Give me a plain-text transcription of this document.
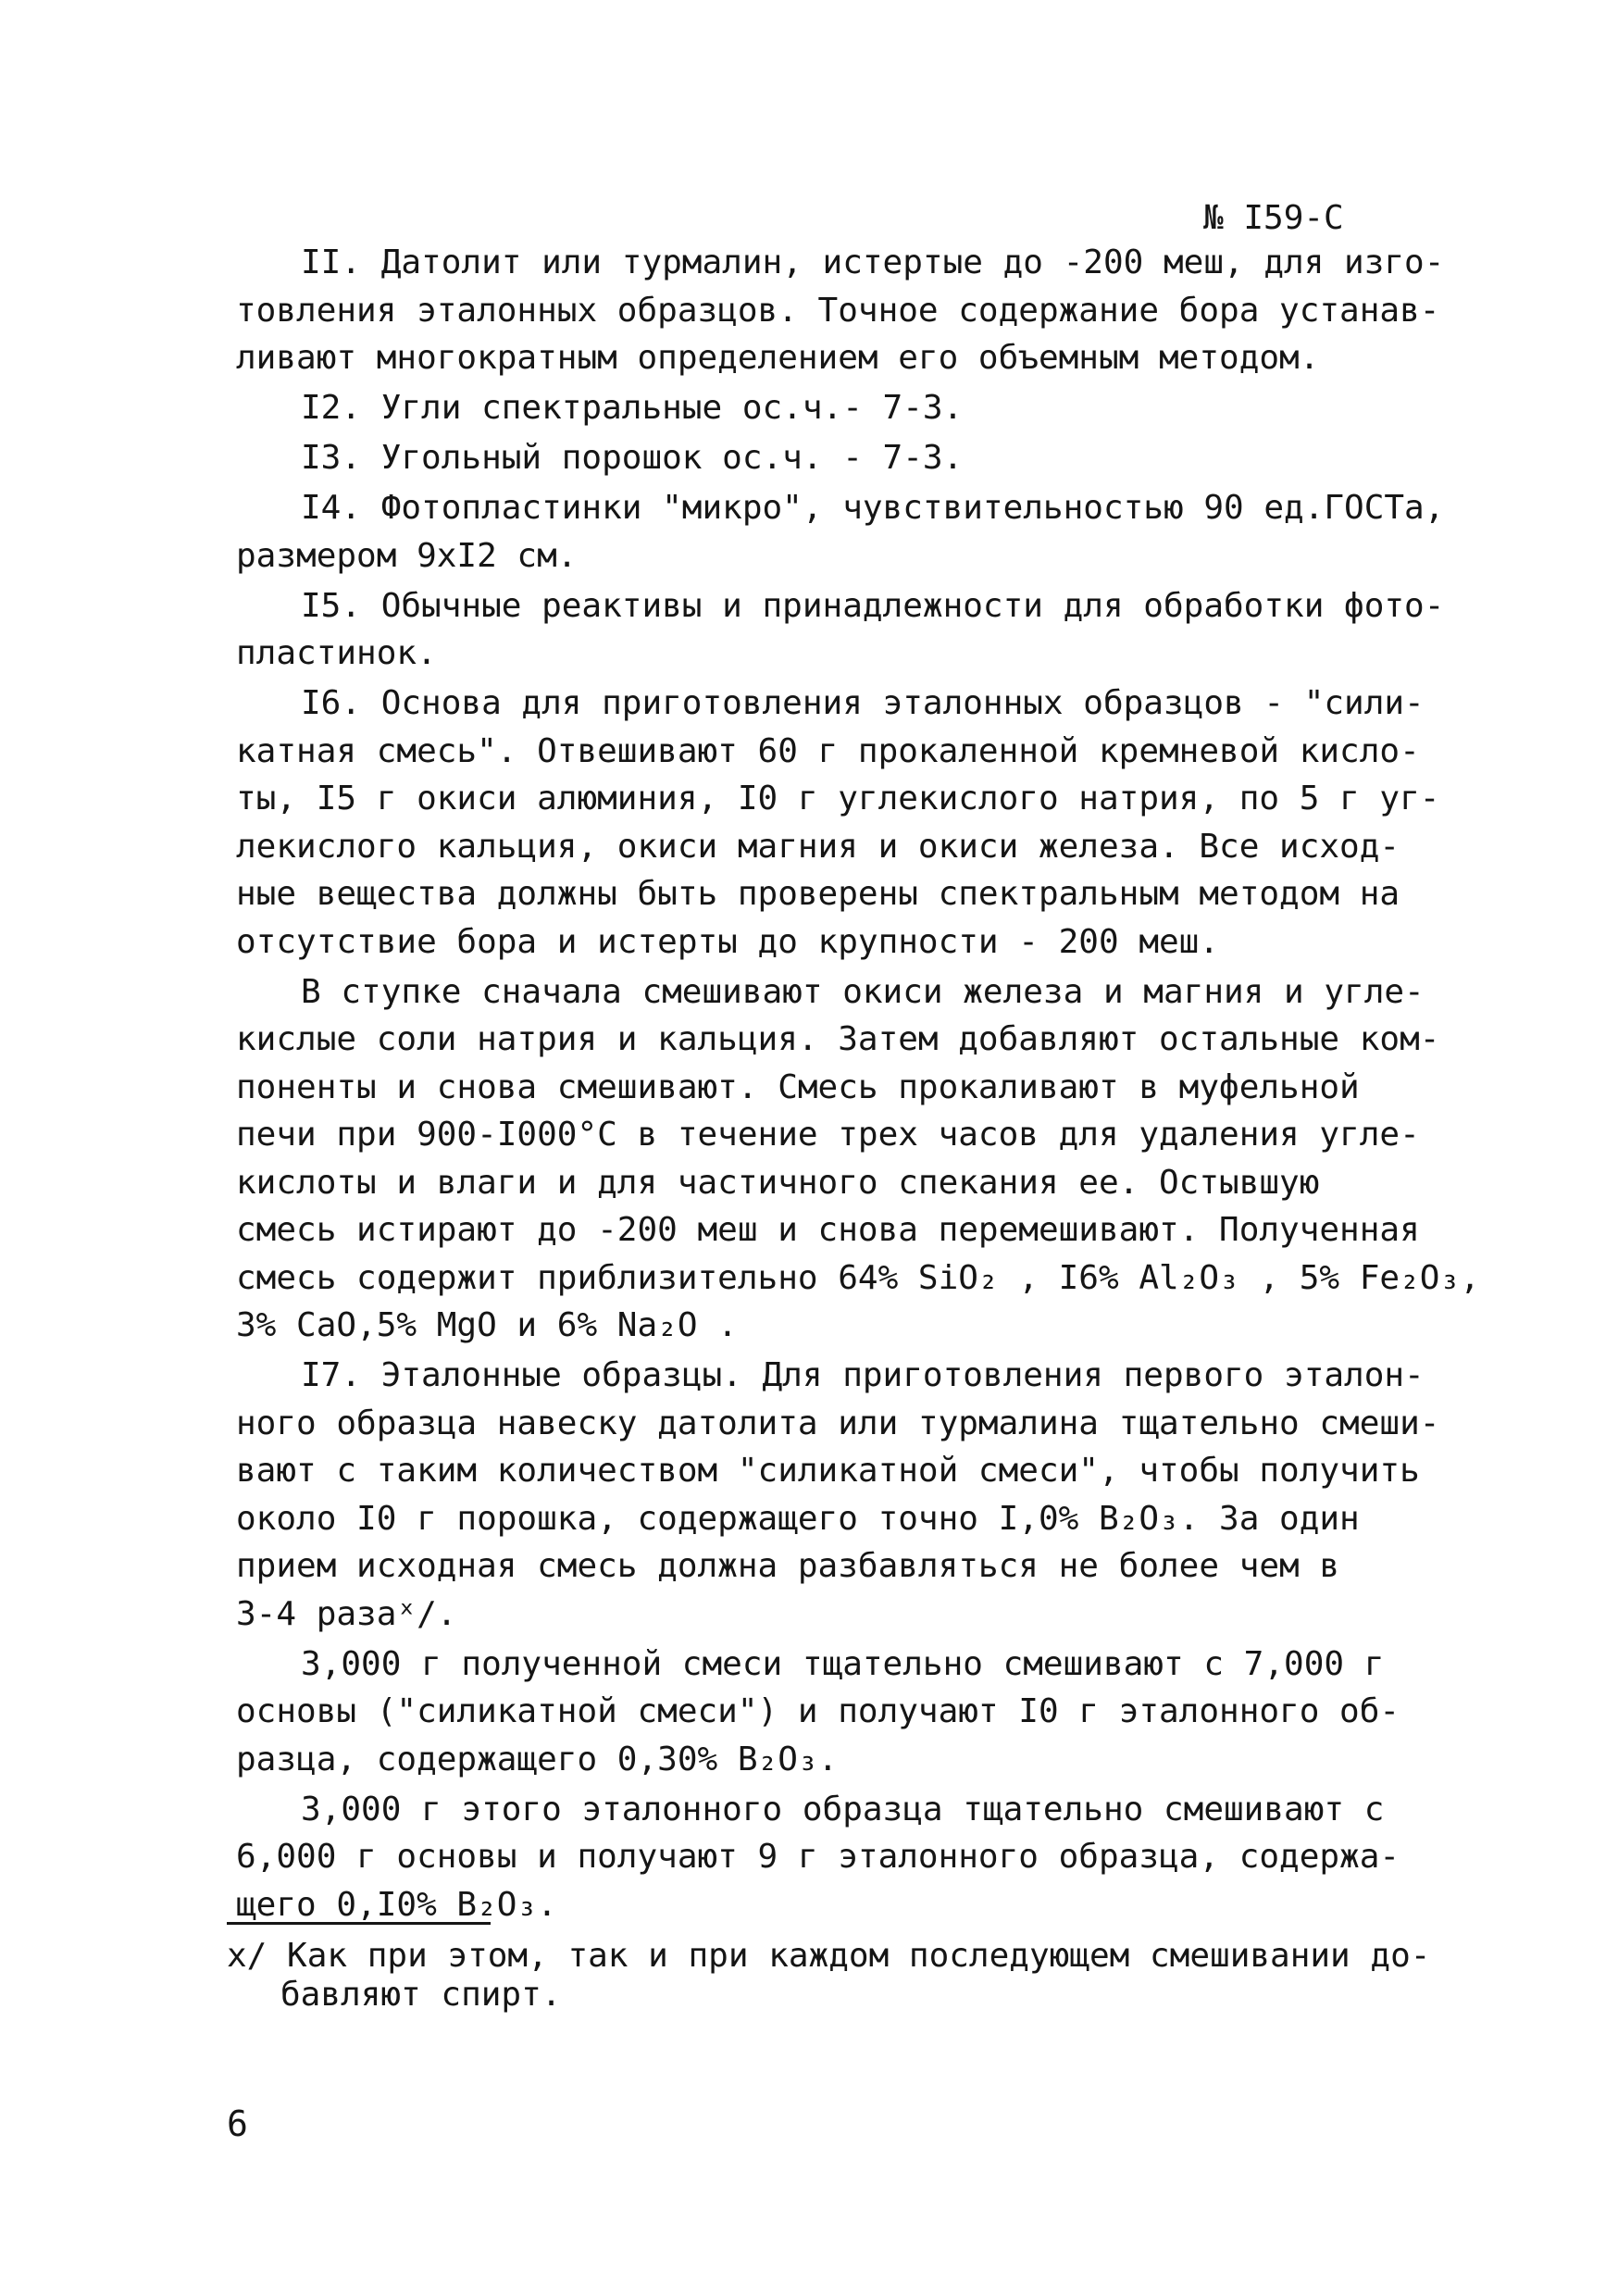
№ I59-С

II. Датолит или турмалин, истертые до -200 меш, для изго-
товления эталонных образцов. Точное содержание бора устанав-
ливают многократным определением его объемным методом.

I2. Угли спектральные ос.ч.- 7-3.

I3. Угольный порошок ос.ч. - 7-3.

I4. Фотопластинки "микро", чувствительностью 90 ед.ГОСТа,
размером 9хI2 см.

I5. Обычные реактивы и принадлежности для обработки фото-
пластинок.

I6. Основа для приготовления эталонных образцов - "сили-
катная смесь". Отвешивают 60 г прокаленной кремневой кисло-
ты, I5 г окиси алюминия, I0 г углекислого натрия, по 5 г уг-
лекислого кальция, окиси магния и окиси железа. Все исход-
ные вещества должны быть проверены спектральным методом на
отсутствие бора и истерты до крупности - 200 меш.

В ступке сначала смешивают окиси железа и магния и угле-
кислые соли натрия и кальция. Затем добавляют остальные ком-
поненты и снова смешивают. Смесь прокаливают в муфельной
печи при 900-I000°С в течение трех часов для удаления угле-
кислоты и влаги и для частичного спекания ее. Остывшую
смесь истирают до -200 меш и снова перемешивают. Полученная
смесь содержит приблизительно 64% SiO₂ , I6% Al₂O₃ , 5% Fe₂O₃,
3% CaO,5% MgO и 6% Na₂O .

I7. Эталонные образцы. Для приготовления первого эталон-
ного образца навеску датолита или турмалина тщательно смеши-
вают с таким количеством "силикатной смеси", чтобы получить
около I0 г порошка, содержащего точно I,0% B₂O₃. За один
прием исходная смесь должна разбавляться не более чем в
3-4 разаˣ/.

3,000 г полученной смеси тщательно смешивают с 7,000 г
основы ("силикатной смеси") и получают I0 г эталонного об-
разца, содержащего 0,30% B₂O₃.

3,000 г этого эталонного образца тщательно смешивают с
6,000 г основы и получают 9 г эталонного образца, содержа-
щего 0,I0% B₂O₃.

x/ Как при этом, так и при каждом последующем смешивании до-
бавляют спирт.
6
